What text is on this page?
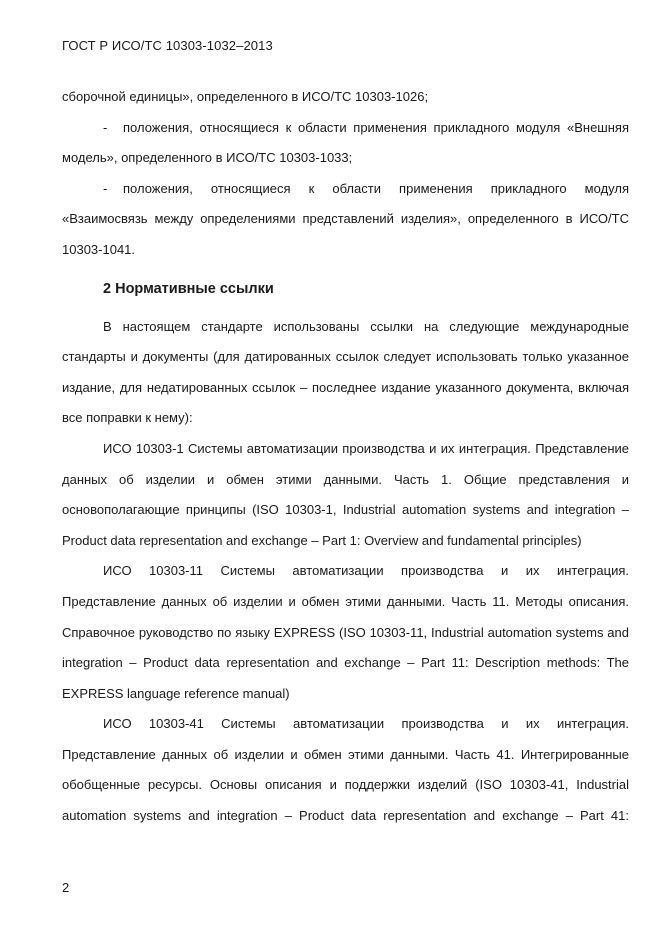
ГОСТ Р ИСО/ТС 10303-1032–2013

сборочной единицы», определенного в ИСО/ТС 10303-1026;

- положения, относящиеся к области применения прикладного модуля «Внешняя модель», определенного в ИСО/ТС 10303-1033;

- положения, относящиеся к области применения прикладного модуля «Взаимосвязь между определениями представлений изделия», определенного в ИСО/ТС 10303-1041.

2 Нормативные ссылки

В настоящем стандарте использованы ссылки на следующие международные стандарты и документы (для датированных ссылок следует использовать только указанное издание, для недатированных ссылок – последнее издание указанного документа, включая все поправки к нему):

ИСО 10303-1 Системы автоматизации производства и их интеграция. Представление данных об изделии и обмен этими данными. Часть 1. Общие представления и основополагающие принципы (ISO 10303-1, Industrial automation systems and integration – Product data representation and exchange – Part 1: Overview and fundamental principles)

ИСО 10303-11 Системы автоматизации производства и их интеграция. Представление данных об изделии и обмен этими данными. Часть 11. Методы описания. Справочное руководство по языку EXPRESS (ISO 10303-11, Industrial automation systems and integration – Product data representation and exchange – Part 11: Description methods: The EXPRESS language reference manual)

ИСО 10303-41 Системы автоматизации производства и их интеграция. Представление данных об изделии и обмен этими данными. Часть 41. Интегрированные обобщенные ресурсы. Основы описания и поддержки изделий (ISO 10303-41, Industrial automation systems and integration – Product data representation and exchange – Part 41:

2
